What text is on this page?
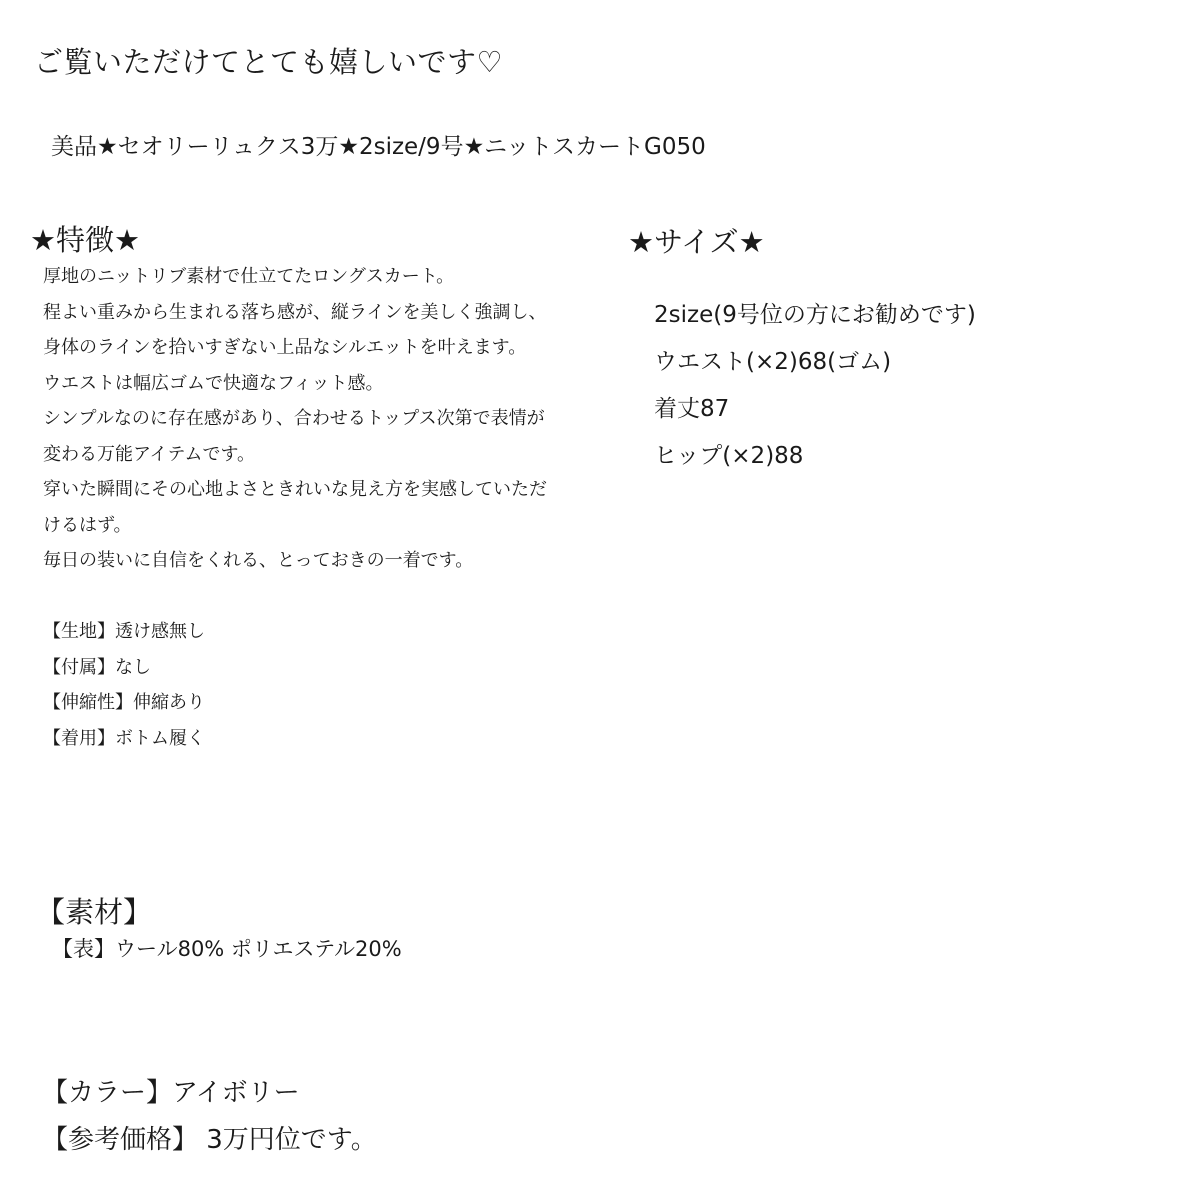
ご覧いただけてとても嬉しいです♡
美品★セオリーリュクス3万★2size/9号★ニットスカートG050
★特徴★
厚地のニットリブ素材で仕立てたロングスカート。
程よい重みから生まれる落ち感が、縦ラインを美しく強調し、
身体のラインを拾いすぎない上品なシルエットを叶えます。
ウエストは幅広ゴムで快適なフィット感。
シンプルなのに存在感があり、合わせるトップス次第で表情が
変わる万能アイテムです。
穿いた瞬間にその心地よさときれいな見え方を実感していただ
けるはず。
毎日の装いに自信をくれる、とっておきの一着です。
【生地】透け感無し
【付属】なし
【伸縮性】伸縮あり
【着用】ボトム履く
★サイズ★
2size(9号位の方にお勧めです)
ウエスト(×2)68(ゴム)
着丈87
ヒップ(×2)88
【素材】
【表】ウール80% ポリエステル20%
【カラー】アイボリー
【参考価格】 3万円位です。
